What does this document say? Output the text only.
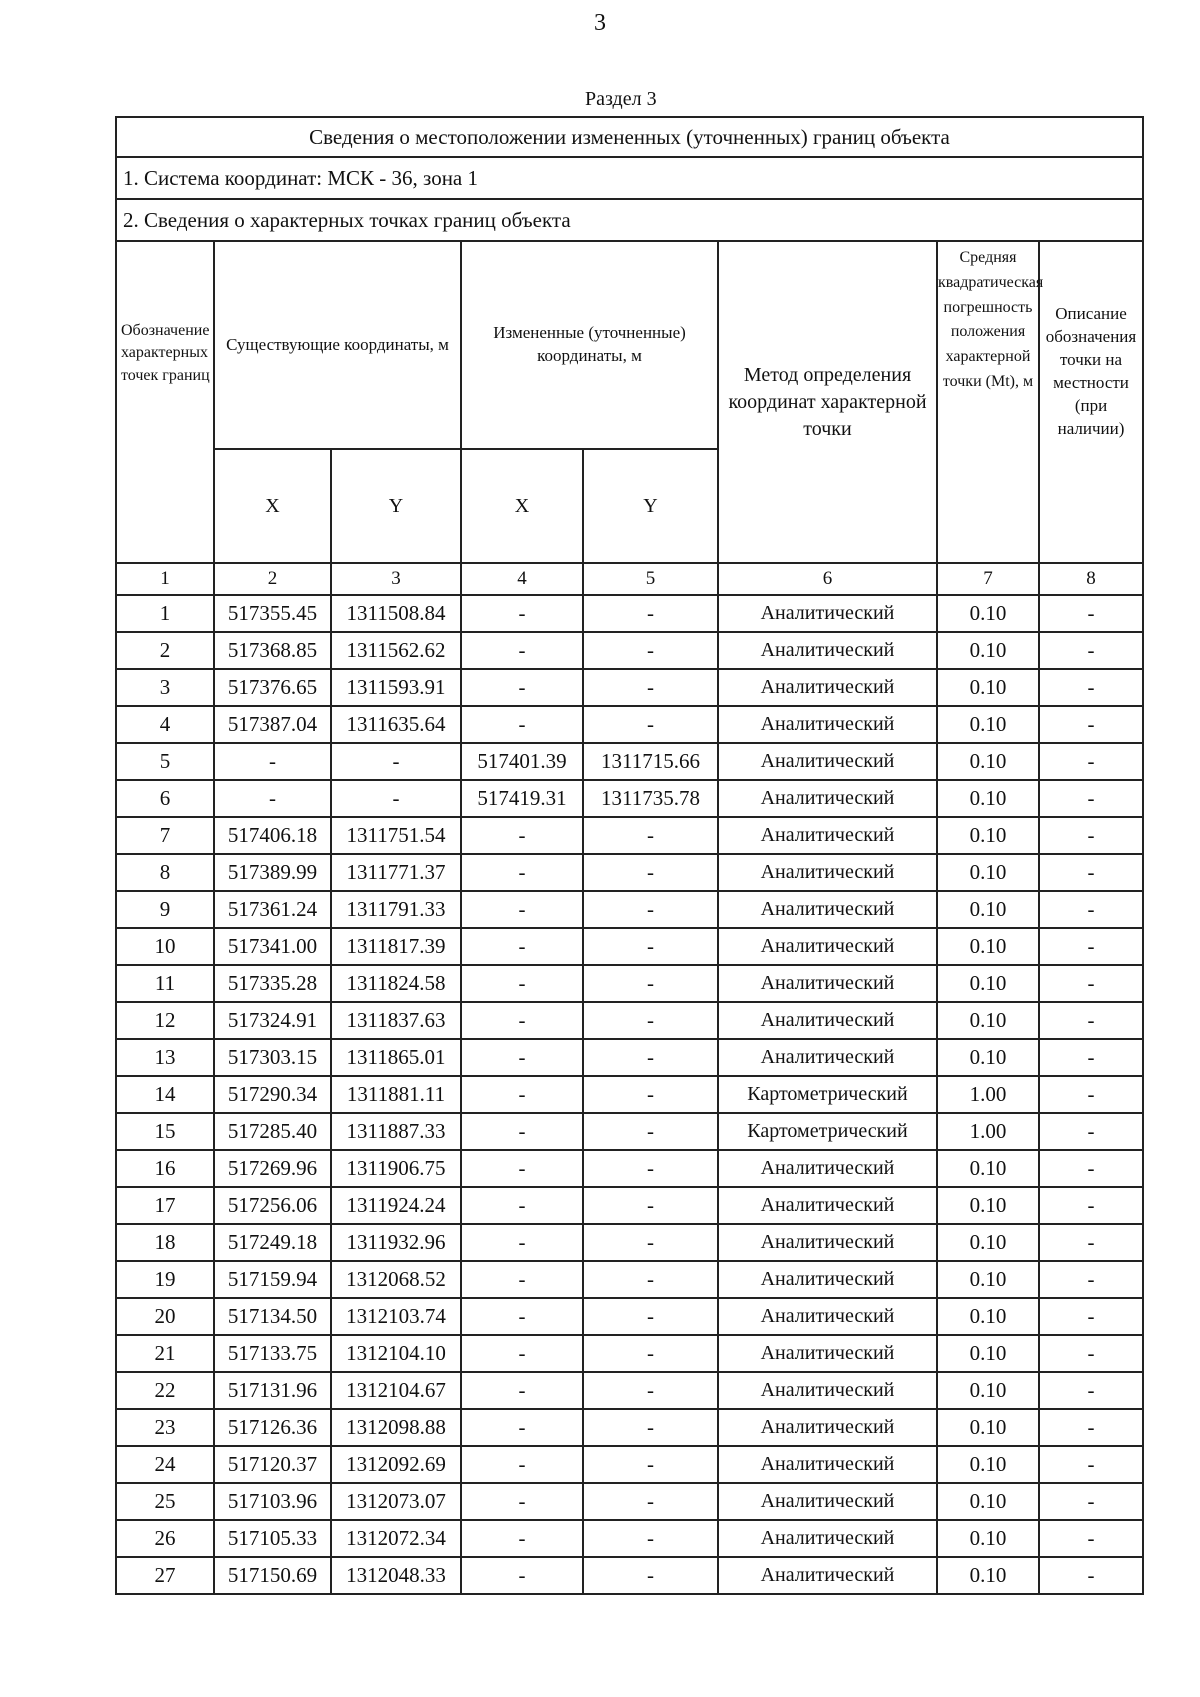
3
Раздел 3
Сведения о местоположении измененных (уточненных) границ объекта							
1. Система координат: МСК - 36, зона 1							
2. Сведения о характерных точках границ объекта							
Обозначение характерных точек границ	Существующие координаты, м		Измененные (уточненные) координаты, м		Метод определения координат характерной точки	Средняя квадратическая погрешность положения характерной точки (Mt), м	Описание обозначения точки на местности (при наличии)
	X	Y	X	Y			
1	2	3	4	5	6	7	8
1	517355.45	1311508.84	-	-	Аналитический	0.10	-
2	517368.85	1311562.62	-	-	Аналитический	0.10	-
3	517376.65	1311593.91	-	-	Аналитический	0.10	-
4	517387.04	1311635.64	-	-	Аналитический	0.10	-
5	-	-	517401.39	1311715.66	Аналитический	0.10	-
6	-	-	517419.31	1311735.78	Аналитический	0.10	-
7	517406.18	1311751.54	-	-	Аналитический	0.10	-
8	517389.99	1311771.37	-	-	Аналитический	0.10	-
9	517361.24	1311791.33	-	-	Аналитический	0.10	-
10	517341.00	1311817.39	-	-	Аналитический	0.10	-
11	517335.28	1311824.58	-	-	Аналитический	0.10	-
12	517324.91	1311837.63	-	-	Аналитический	0.10	-
13	517303.15	1311865.01	-	-	Аналитический	0.10	-
14	517290.34	1311881.11	-	-	Картометрический	1.00	-
15	517285.40	1311887.33	-	-	Картометрический	1.00	-
16	517269.96	1311906.75	-	-	Аналитический	0.10	-
17	517256.06	1311924.24	-	-	Аналитический	0.10	-
18	517249.18	1311932.96	-	-	Аналитический	0.10	-
19	517159.94	1312068.52	-	-	Аналитический	0.10	-
20	517134.50	1312103.74	-	-	Аналитический	0.10	-
21	517133.75	1312104.10	-	-	Аналитический	0.10	-
22	517131.96	1312104.67	-	-	Аналитический	0.10	-
23	517126.36	1312098.88	-	-	Аналитический	0.10	-
24	517120.37	1312092.69	-	-	Аналитический	0.10	-
25	517103.96	1312073.07	-	-	Аналитический	0.10	-
26	517105.33	1312072.34	-	-	Аналитический	0.10	-
27	517150.69	1312048.33	-	-	Аналитический	0.10	-
